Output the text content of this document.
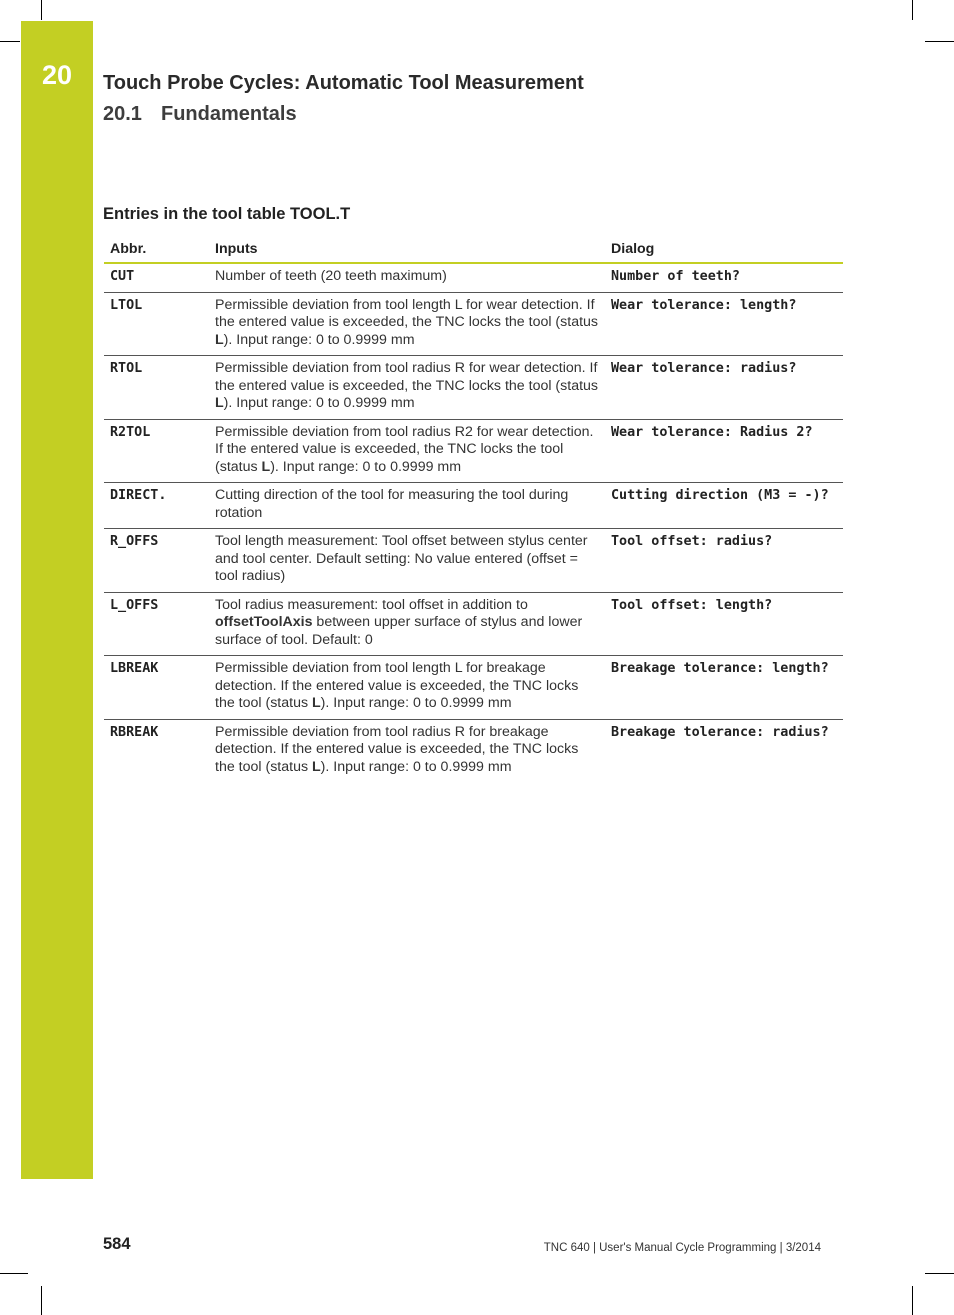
20	Touch Probe Cycles: Automatic Tool Measurement
20.1 Fundamentals
Entries in the tool table TOOL.T
Abbr.	Inputs	Dialog
CUT	Number of teeth (20 teeth maximum)	Number of teeth?
LTOL	Permissible deviation from tool length L for wear detection. If the entered value is exceeded, the TNC locks the tool (status L). Input range: 0 to 0.9999 mm	Wear tolerance: length?
RTOL	Permissible deviation from tool radius R for wear detection. If the entered value is exceeded, the TNC locks the tool (status L). Input range: 0 to 0.9999 mm	Wear tolerance: radius?
R2TOL	Permissible deviation from tool radius R2 for wear detection. If the entered value is exceeded, the TNC locks the tool (status L). Input range: 0 to 0.9999 mm	Wear tolerance: Radius 2?
DIRECT.	Cutting direction of the tool for measuring the tool during rotation	Cutting direction (M3 = -)?
R_OFFS	Tool length measurement: Tool offset between stylus center and tool center. Default setting: No value entered (offset = tool radius)	Tool offset: radius?
L_OFFS	Tool radius measurement: tool offset in addition to offsetToolAxis between upper surface of stylus and lower surface of tool. Default: 0	Tool offset: length?
LBREAK	Permissible deviation from tool length L for breakage detection. If the entered value is exceeded, the TNC locks the tool (status L). Input range: 0 to 0.9999 mm	Breakage tolerance: length?
RBREAK	Permissible deviation from tool radius R for breakage detection. If the entered value is exceeded, the TNC locks the tool (status L). Input range: 0 to 0.9999 mm	Breakage tolerance: radius?
584	TNC 640 | User's Manual Cycle Programming | 3/2014
